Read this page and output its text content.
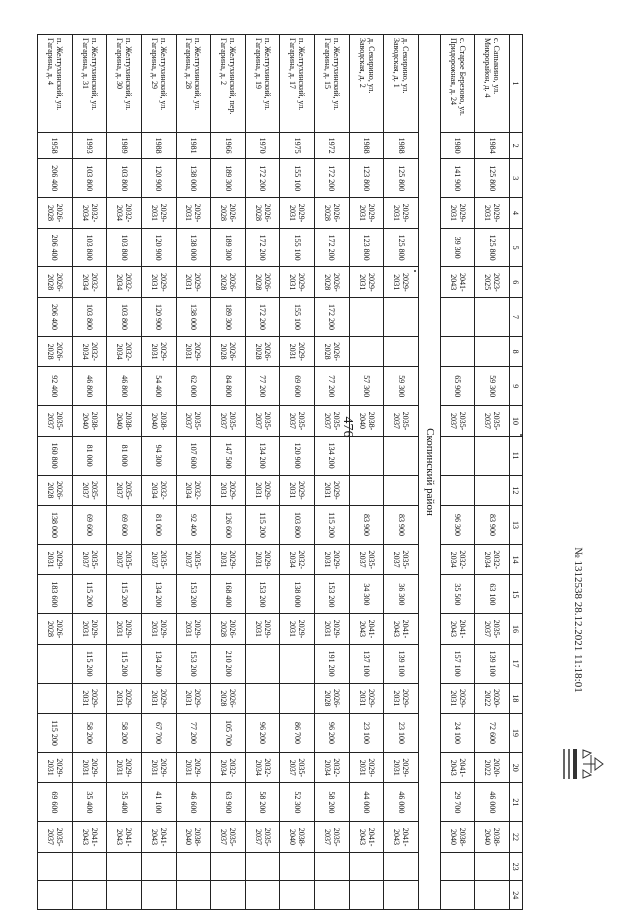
476
№ 1312538 28.12.2021 11:18:01
1	2	3	4	5	6	7	8	9	10	11	12	13	14	15	16	17	18	19	20	21	22	23	24
с. Сапыкино, ул. Микрорайон, д. 4	1984	125 800	2029-2031	125 800	2023-2025			59 300	2035-2037			83 900	2032-2034	63 100	2035-2037	139 100	2020-2022	72 600	2020-2022	46 000	2038-2040		
с. Старое Березово, ул. Придорожная, д. 24	1980	141 900	2029-2031	39 300	2041-2043			65 900	2035-2037			96 300	2032-2034	35 500	2041-2043	157 100	2029-2031	24 100	2041-2043	29 700	2038-2040		
Скопинский район																							
д. Секирино, ул. Заводская, д. 1	1988	125 800	2029-2031	125 800	2029-2031			59 300	2035-2037			83 900	2035-2037	36 300	2041-2043	139 100	2029-2031	23 100	2029-2031	46 000	2041-2043		
д. Секирино, ул. Заводская, д. 2	1988	123 800	2029-2031	123 800	2029-2031			57 300	2038-2040			83 900	2035-2037	34 300	2041-2043	137 100	2029-2031	23 100	2029-2031	44 000	2041-2043		
п. Желтухинский, ул. Гагарина, д. 15	1972	172 200	2026-2028	172 200	2026-2028	172 200	2026-2028	77 200	2035-2037	134 200	2029-2031	115 200	2029-2031	153 200	2029-2031	191 200	2026-2028	96 200	2032-2034	58 200	2035-2037		
п. Желтухинский, ул. Гагарина, д. 17	1975	155 100	2029-2031	155 100	2029-2031	155 100	2029-2031	69 600	2035-2037	120 900	2029-2031	103 800	2032-2034	138 000	2029-2031			86 700	2035-2037	52 300	2038-2040		
п. Желтухинский, ул. Гагарина, д. 19	1970	172 200	2026-2028	172 200	2026-2028	172 200	2026-2028	77 200	2035-2037	134 200	2029-2031	115 200	2029-2031	153 200	2029-2031			96 200	2032-2034	58 200	2035-2037		
п. Желтухинский, пер. Гагарина, д. 2	1966	189 300	2026-2028	189 300	2026-2028	189 300	2026-2028	84 800	2035-2037	147 500	2029-2031	126 600	2029-2031	168 400	2026-2028	210 200	2026-2028	105 700	2032-2034	63 900	2035-2037		
п. Желтухинский, ул. Гагарина, д. 28	1981	138 000	2029-2031	138 000	2029-2031	138 000	2029-2031	62 000	2035-2037	107 600	2032-2034	92 400	2035-2037	153 200	2029-2031	153 200	2029-2031	77 200	2029-2031	46 600	2038-2040		
п. Желтухинский, ул. Гагарина, д. 29	1988	120 900	2029-2031	120 900	2029-2031	120 900	2029-2031	54 400	2038-2040	94 300	2032-2034	81 000	2035-2037	134 200	2029-2031	134 200	2029-2031	67 700	2029-2031	41 100	2041-2043		
п. Желтухинский, ул. Гагарина, д. 30	1989	103 800	2032-2034	103 800	2032-2034	103 800	2032-2034	46 800	2038-2040	81 000	2035-2037	69 600	2035-2037	115 200	2029-2031	115 200	2029-2031	58 200	2029-2031	35 400	2041-2043		
п. Желтухинский, ул. Гагарина, д. 31	1993	103 800	2032-2034	103 800	2032-2034	103 800	2032-2034	46 800	2038-2040	81 000	2035-2037	69 600	2035-2037	115 200	2029-2031	115 200	2029-2031	58 200	2029-2031	35 400	2041-2043		
п. Желтухинский, ул. Гагарина, д. 4	1958	206 400	2026-2028	206 400	2026-2028	206 400	2026-2028	92 400	2035-2037	160 800	2026-2028	138 000	2029-2031	183 600	2026-2028			115 200	2029-2031	69 600	2035-2037		
